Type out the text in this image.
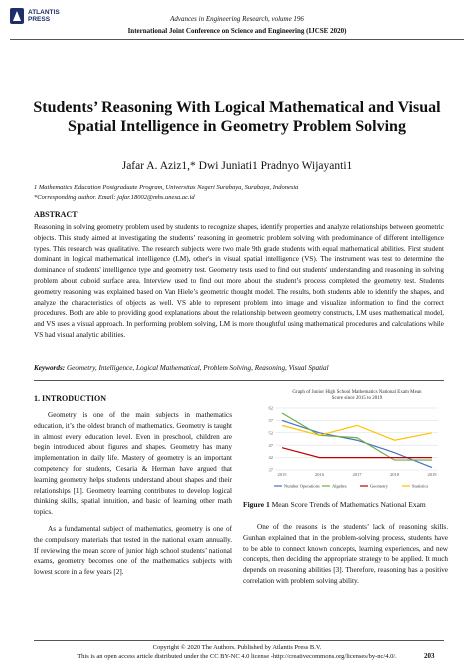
ATLANTIS
PRESS	Advances in Engineering Research, volume 196
International Joint Conference on Science and Engineering (IJCSE 2020)
Students’ Reasoning With Logical Mathematical and Visual Spatial Intelligence in Geometry Problem Solving
Jafar A. Aziz1,* Dwi Juniati1 Pradnyo Wijayanti1
1 Mathematics Education Postgraduate Program, Universitas Negeri Surabaya, Surabaya, Indonesia
*Corresponding author. Email: jafar.18002@mhs.unesa.ac.id
ABSTRACT

Reasoning in solving geometry problem used by students to recognize shapes, identify properties and analyze relationships between geometric objects. This study aimed at investigating the students’ reasoning in geometric problem solving with predominance of different intelligence types. This research was qualitative. The research subjects were two male 9th grade students with equal mathematical abilities. First student dominant in logical mathematical intelligence (LM), other's in visual spatial intelligence (VS). The instrument was test to determine the dominance of students' intelligence type and geometry test. Geometry tests used to find out students' understanding and reasoning in solving problem about cuboid surface area. Interview used to find out more about the student’s process completed the geometry test. Students geometry reasoning was explained based on Van Hiele’s geometric thought model. The results, both students able to identify the shapes, and analyze the characteristics of objects as well. VS able to represent problem into image and visualize information to find the correct procedures. Both are able to providing good explanations about the relationship between geometry constructs, LM uses mathematical model, and VS uses a visual approach. In performing problem solving, LM is more thoughtful using mathematical procedures and calculations while VS had visual analytic abilities.

Keywords: Geometry, Intelligence, Logical Mathematical, Problem Solving, Reasoning, Visual Spatial
1. INTRODUCTION

Geometry is one of the main subjects in mathematics education, it’s the oldest branch of mathematics. Geometry is taught in almost every education level. Even in preschool, children are begin introduced about figures and shapes. Geometry has many implementation in daily life. Mastery of geometry is an important competency for students, Cesaria & Herman have argued that learning geometry helps students understand about shapes and their relationships [1]. Geometry learning contributes to develop logical thinking skills, spatial intuition, and basic of learning other math topics.

As a fundamental subject of mathematics, geometry is one of the compulsory materials that tested in the national exam annually. If reviewing the mean score of junior high school students’ national exams, geometry becomes one of the mathematics subjects with lowest score in a few years [2].

Graph of Junior High School Mathematics National Exam Mean
Score since 2015 to 2019
37
42
47
52
57
62
2015	2016	2017	2018	2019
Number Operations	Algebra	Geometry	Statistics
Figure 1 Mean Score Trends of Mathematics National Exam

One of the reasons is the students’ lack of reasoning skills. Gunhan explained that in the problem-solving process, students have to be able to connect known concepts, learning experiences, and new concepts, then deciding the appropriate strategy to be applied. It much depends on reasoning abilities [3]. Therefore, reasoning has a positive correlation with problem solving ability.

Copyright © 2020 The Authors. Published by Atlantis Press B.V.
This is an open access article distributed under the CC BY-NC 4.0 license -http://creativecommons.org/licenses/by-nc/4.0/.	203
